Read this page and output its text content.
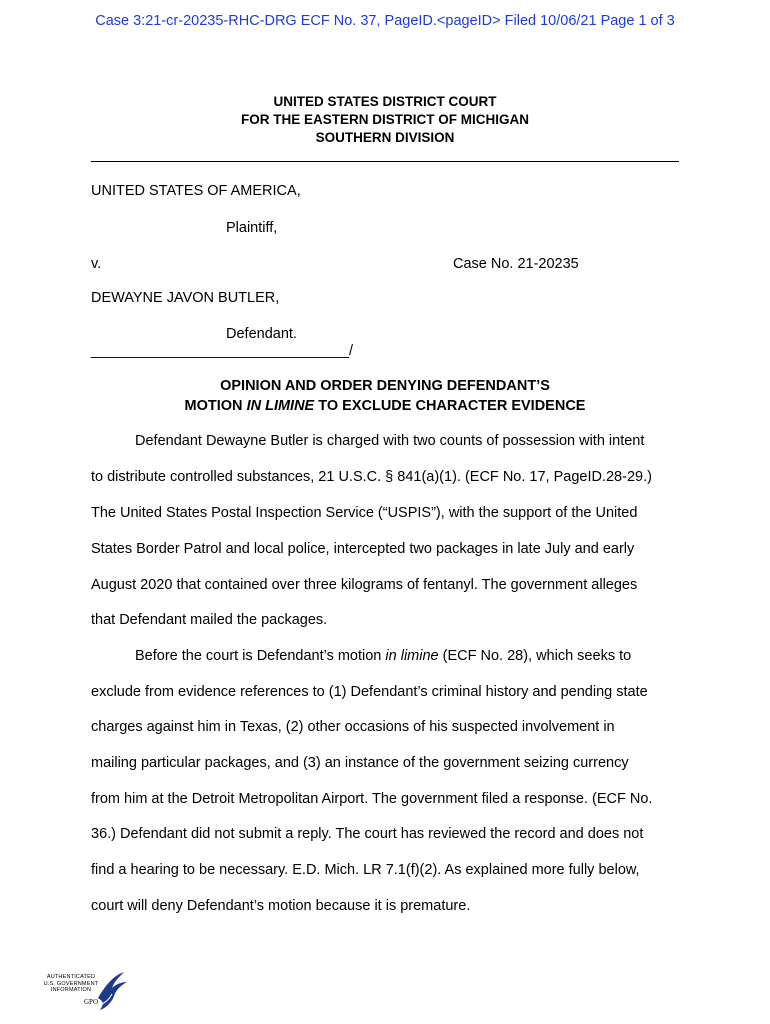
Case 3:21-cr-20235-RHC-DRG ECF No. 37, PageID.<pageID> Filed 10/06/21 Page 1 of 3
UNITED STATES DISTRICT COURT
FOR THE EASTERN DISTRICT OF MICHIGAN
SOUTHERN DIVISION
UNITED STATES OF AMERICA,
Plaintiff,
v.	Case No. 21-20235
DEWAYNE JAVON BUTLER,
Defendant.
________________________________/
OPINION AND ORDER DENYING DEFENDANT’S
MOTION IN LIMINE TO EXCLUDE CHARACTER EVIDENCE
Defendant Dewayne Butler is charged with two counts of possession with intent
to distribute controlled substances, 21 U.S.C. § 841(a)(1). (ECF No. 17, PageID.28-29.)
The United States Postal Inspection Service (“USPIS”), with the support of the United
States Border Patrol and local police, intercepted two packages in late July and early
August 2020 that contained over three kilograms of fentanyl. The government alleges
that Defendant mailed the packages.
Before the court is Defendant’s motion in limine (ECF No. 28), which seeks to
exclude from evidence references to (1) Defendant’s criminal history and pending state
charges against him in Texas, (2) other occasions of his suspected involvement in
mailing particular packages, and (3) an instance of the government seizing currency
from him at the Detroit Metropolitan Airport. The government filed a response. (ECF No.
36.) Defendant did not submit a reply. The court has reviewed the record and does not
find a hearing to be necessary. E.D. Mich. LR 7.1(f)(2). As explained more fully below,
court will deny Defendant’s motion because it is premature.
AUTHENTICATED
U.S. GOVERNMENT
INFORMATION
GPO
